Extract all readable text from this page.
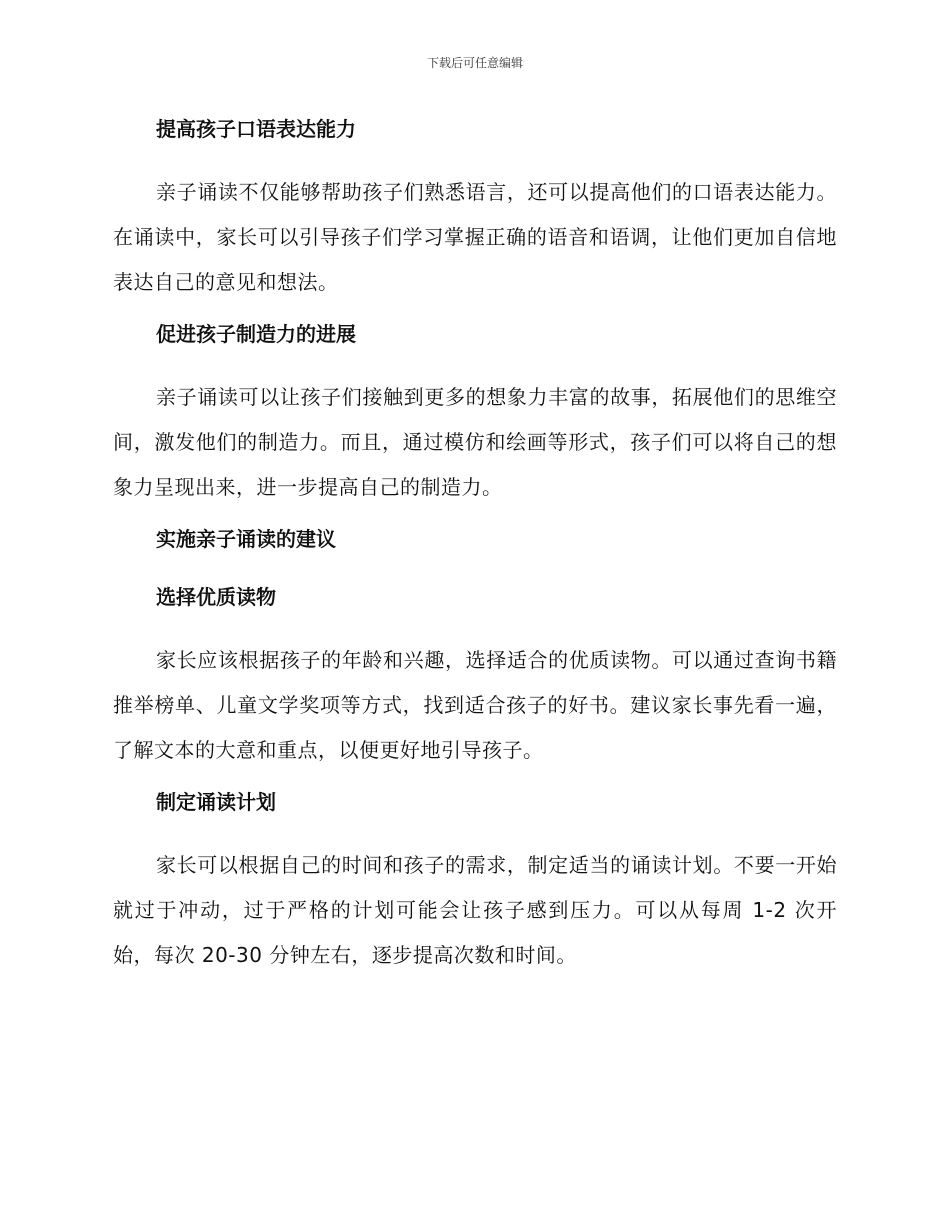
下载后可任意编辑
提高孩子口语表达能力

亲子诵读不仅能够帮助孩子们熟悉语言，还可以提高他们的口语表达能力。在诵读中，家长可以引导孩子们学习掌握正确的语音和语调，让他们更加自信地表达自己的意见和想法。

促进孩子制造力的进展

亲子诵读可以让孩子们接触到更多的想象力丰富的故事，拓展他们的思维空间，激发他们的制造力。而且，通过模仿和绘画等形式，孩子们可以将自己的想象力呈现出来，进一步提高自己的制造力。

实施亲子诵读的建议
选择优质读物

家长应该根据孩子的年龄和兴趣，选择适合的优质读物。可以通过查询书籍推举榜单、儿童文学奖项等方式，找到适合孩子的好书。建议家长事先看一遍，了解文本的大意和重点，以便更好地引导孩子。

制定诵读计划

家长可以根据自己的时间和孩子的需求，制定适当的诵读计划。不要一开始就过于冲动，过于严格的计划可能会让孩子感到压力。可以从每周 1-2 次开始，每次 20-30 分钟左右，逐步提高次数和时间。
